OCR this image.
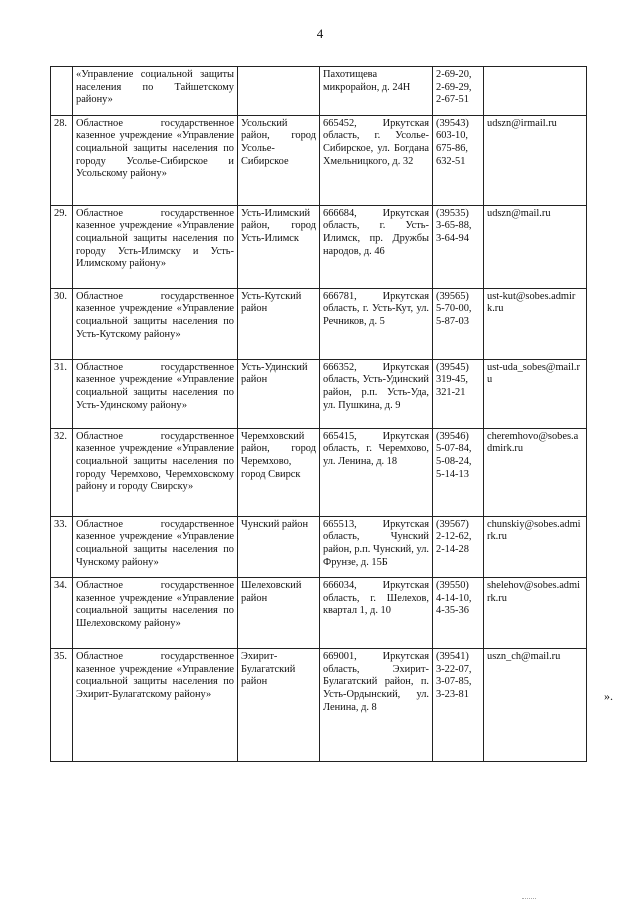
4
	«Управление социальной защиты населения по Тайшетскому району»		Пахотищева микрорайон, д. 24Н	2-69-20, 2-69-29, 2-67-51	
28.	Областное государственное казенное учреждение «Управление социальной защиты населения по городу Усолье-Сибирское и Усольскому району»	Усольский район, город Усолье-Сибирское	665452, Иркутская область, г. Усолье-Сибирское, ул. Богдана Хмельницкого, д. 32	(39543) 603-10, 675-86, 632-51	udszn@irmail.ru
29.	Областное государственное казенное учреждение «Управление социальной защиты населения по городу Усть-Илимску и Усть-Илимскому району»	Усть-Илимский район, город Усть-Илимск	666684, Иркутская область, г. Усть-Илимск, пр. Дружбы народов, д. 46	(39535) 3-65-88, 3-64-94	udszn@mail.ru
30.	Областное государственное казенное учреждение «Управление социальной защиты населения по Усть-Кутскому району»	Усть-Кутский район	666781, Иркутская область, г. Усть-Кут, ул. Речников, д. 5	(39565) 5-70-00, 5-87-03	ust-kut@sobes.admirk.ru
31.	Областное государственное казенное учреждение «Управление социальной защиты населения по Усть-Удинскому району»	Усть-Удинский район	666352, Иркутская область, Усть-Удинский район, р.п. Усть-Уда, ул. Пушкина, д. 9	(39545) 319-45, 321-21	ust-uda_sobes@mail.ru
32.	Областное государственное казенное учреждение «Управление социальной защиты населения по городу Черемхово, Черемховскому району и городу Свирску»	Черемховский район, город Черемхово, город Свирск	665415, Иркутская область, г. Черемхово, ул. Ленина, д. 18	(39546) 5-07-84, 5-08-24, 5-14-13	cheremhovo@sobes.admirk.ru
33.	Областное государственное казенное учреждение «Управление социальной защиты населения по Чунскому району»	Чунский район	665513, Иркутская область, Чунский район, р.п. Чунский, ул. Фрунзе, д. 15Б	(39567) 2-12-62, 2-14-28	chunskiy@sobes.admirk.ru
34.	Областное государственное казенное учреждение «Управление социальной защиты населения по Шелеховскому району»	Шелеховский район	666034, Иркутская область, г. Шелехов, квартал 1, д. 10	(39550) 4-14-10, 4-35-36	shelehov@sobes.admirk.ru
35.	Областное государственное казенное учреждение «Управление социальной защиты населения по Эхирит-Булагатскому району»	Эхирит-Булагатский район	669001, Иркутская область, Эхирит-Булагатский район, п. Усть-Ордынский, ул. Ленина, д. 8	(39541) 3-22-07, 3-07-85, 3-23-81	uszn_ch@mail.ru
».
